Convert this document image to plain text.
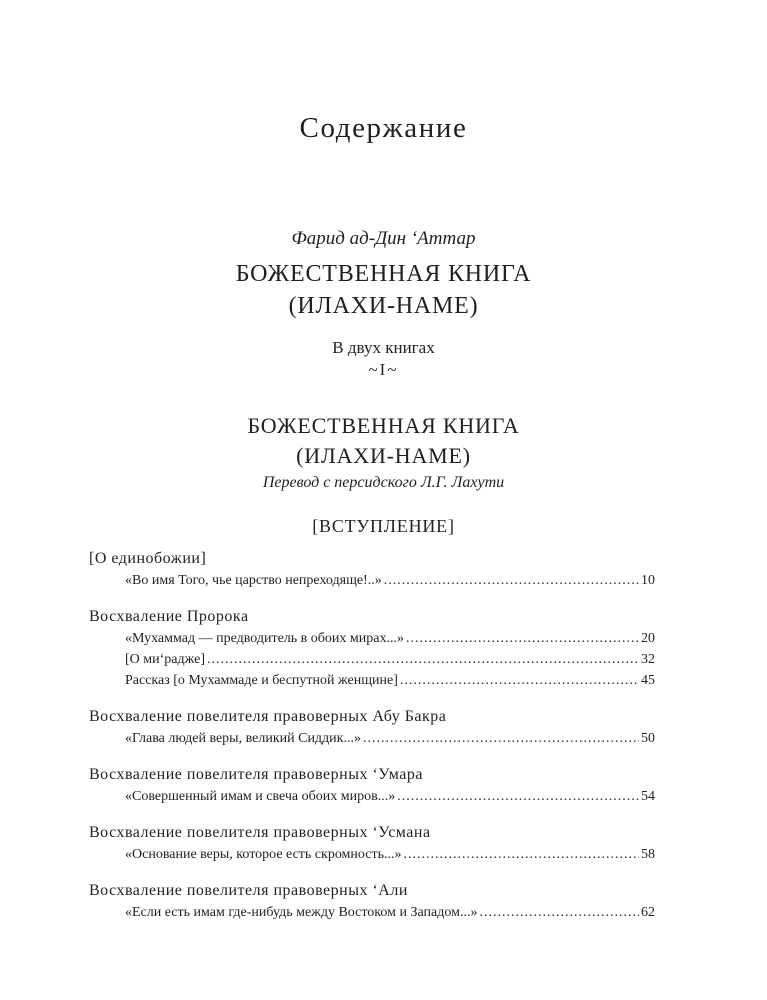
Содержание
Фарид ад-Дин ‘Аттар
БОЖЕСТВЕННАЯ КНИГА
(ИЛАХИ-НАМЕ)
В двух книгах
~I~
БОЖЕСТВЕННАЯ КНИГА
(ИЛАХИ-НАМЕ)
Перевод с персидского Л.Г. Лахути
[ВСТУПЛЕНИЕ]
[О единобожии]
«Во имя Того, чье царство непреходяще!..» .....	10
Восхваление Пророка
«Мухаммад — предводитель в обоих мирах...» .....	20
[О ми‘радже] .....	32
Рассказ [о Мухаммаде и беспутной женщине] .....	45
Восхваление повелителя правоверных Абу Бакра
«Глава людей веры, великий Сиддик...» .....	50
Восхваление повелителя правоверных ‘Умара
«Совершенный имам и свеча обоих миров...» .....	54
Восхваление повелителя правоверных ‘Усмана
«Основание веры, которое есть скромность...» .....	58
Восхваление повелителя правоверных ‘Али
«Если есть имам где-нибудь между Востоком и Западом...» .....	62
